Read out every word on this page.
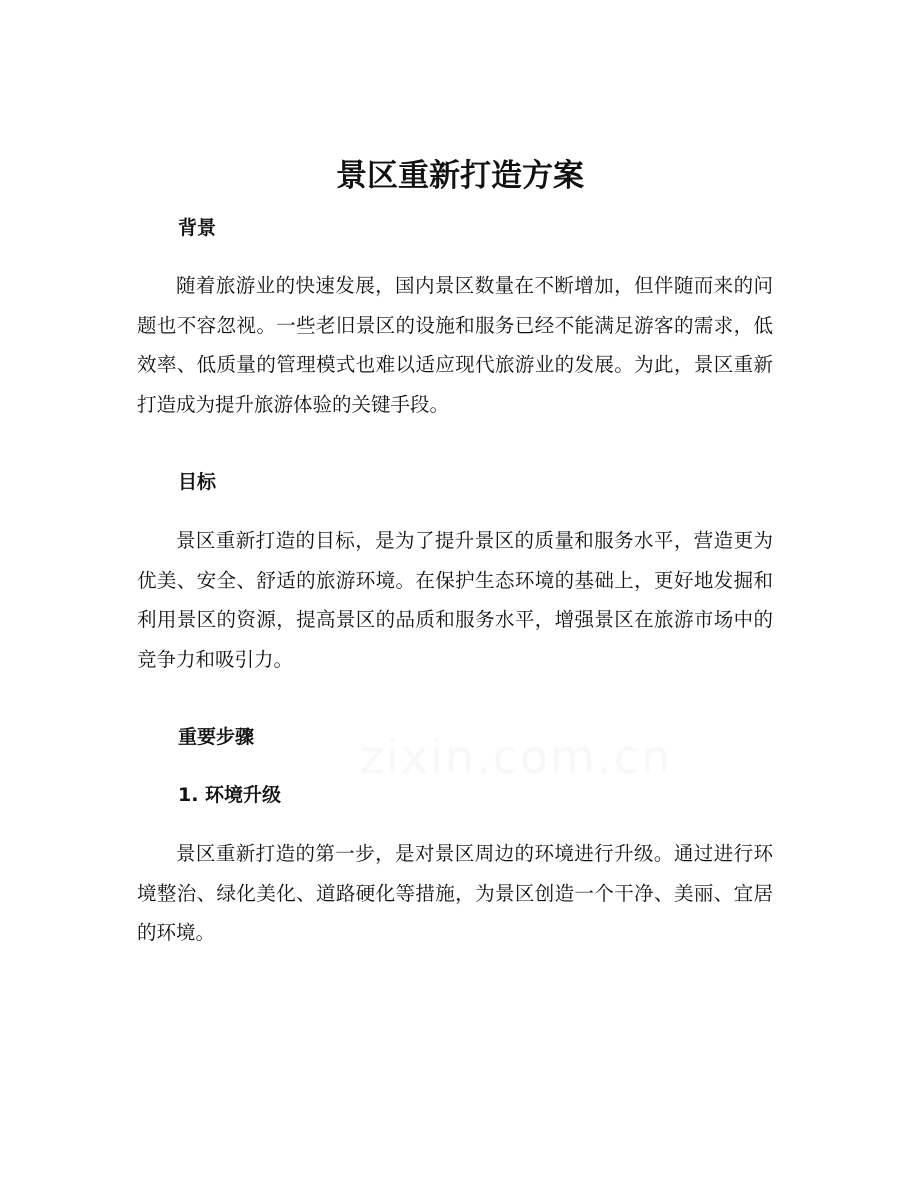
景区重新打造方案
背景

随着旅游业的快速发展，国内景区数量在不断增加，但伴随而来的问题也不容忽视。一些老旧景区的设施和服务已经不能满足游客的需求，低效率、低质量的管理模式也难以适应现代旅游业的发展。为此，景区重新打造成为提升旅游体验的关键手段。

目标

景区重新打造的目标，是为了提升景区的质量和服务水平，营造更为优美、安全、舒适的旅游环境。在保护生态环境的基础上，更好地发掘和利用景区的资源，提高景区的品质和服务水平，增强景区在旅游市场中的竞争力和吸引力。

重要步骤
1. 环境升级

景区重新打造的第一步，是对景区周边的环境进行升级。通过进行环境整治、绿化美化、道路硬化等措施，为景区创造一个干净、美丽、宜居的环境。

zixin.com.cn
